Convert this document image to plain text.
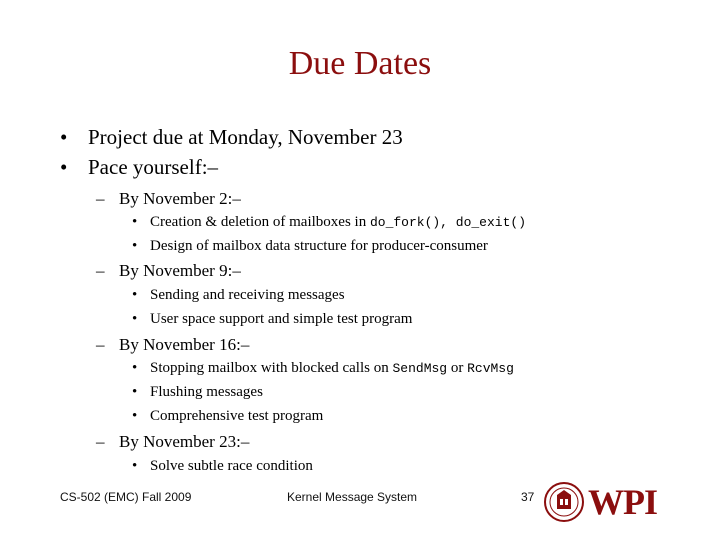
Due Dates
• Project due at Monday, November 23
• Pace yourself:–
– By November 2:–
• Creation & deletion of mailboxes in do_fork(), do_exit()
• Design of mailbox data structure for producer-consumer
– By November 9:–
• Sending and receiving messages
• User space support and simple test program
– By November 16:–
• Stopping mailbox with blocked calls on SendMsg or RcvMsg
• Flushing messages
• Comprehensive test program
– By November 23:–
• Solve subtle race condition
CS-502 (EMC) Fall 2009	Kernel Message System	37 WPI
